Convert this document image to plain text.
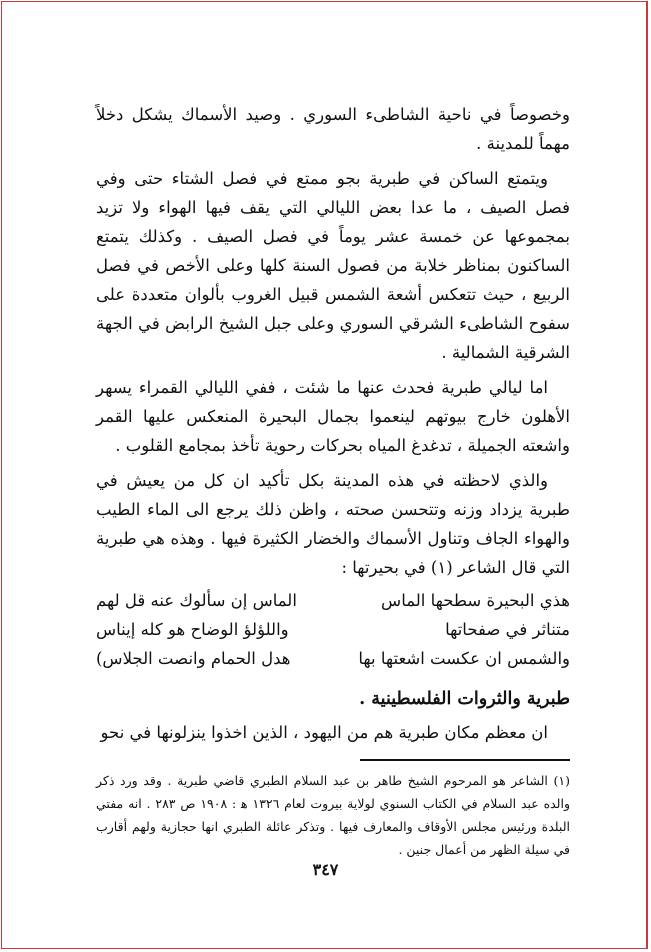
وخصوصاً في ناحية الشاطىء السوري . وصيد الأسماك يشكل دخلاً مهماً للمدينة .

ويتمتع الساكن في طبرية بجو ممتع في فصل الشتاء حتى وفي فصل الصيف ، ما عدا بعض الليالي التي يقف فيها الهواء ولا تزيد بمجموعها عن خمسة عشر يوماً في فصل الصيف . وكذلك يتمتع الساكنون بمناظر خلابة من فصول السنة كلها وعلى الأخص في فصل الربيع ، حيث تتعكس أشعة الشمس قبيل الغروب بألوان متعددة على سفوح الشاطىء الشرقي السوري وعلى جبل الشيخ الرابض في الجهة الشرقية الشمالية .

اما ليالي طبرية فحدث عنها ما شئت ، ففي الليالي القمراء يسهر الأهلون خارج بيوتهم لينعموا بجمال البحيرة المنعكس عليها القمر واشعته الجميلة ، تدغدغ المياه بحركات رحوية تأخذ بمجامع القلوب .

والذي لاحظته في هذه المدينة بكل تأكيد ان كل من يعيش في طبرية يزداد وزنه وتتحسن صحته ، واظن ذلك يرجع الى الماء الطيب والهواء الجاف وتناول الأسماك والخضار الكثيرة فيها . وهذه هي طبرية التي قال الشاعر (١) في بحيرتها :

هذي البحيرة سطحها الماس
الماس إن سألوك عنه قل لهم
متناثر في صفحاتها
واللؤلؤ الوضاح هو كله إيناس
والشمس ان عكست اشعتها بها
هدل الحمام وانصت الجلاس)

طبرية والثروات الفلسطينية .

ان معظم مكان طبرية هم من اليهود ، الذين اخذوا ينزلونها في نحو

(١) الشاعر هو المرحوم الشيخ طاهر بن عبد السلام الطبري قاضي طبرية . وقد ورد ذكر والده عبد السلام في الكتاب السنوي لولاية بيروت لعام ١٣٢٦ ﻫ : ١٩٠٨ ص ٢٨٣ . انه مفتي البلدة ورئيس مجلس الأوقاف والمعارف فيها . وتذكر عائلة الطبري انها حجازية ولهم أقارب في سيلة الظهر من أعمال جنين .
٣٤٧
